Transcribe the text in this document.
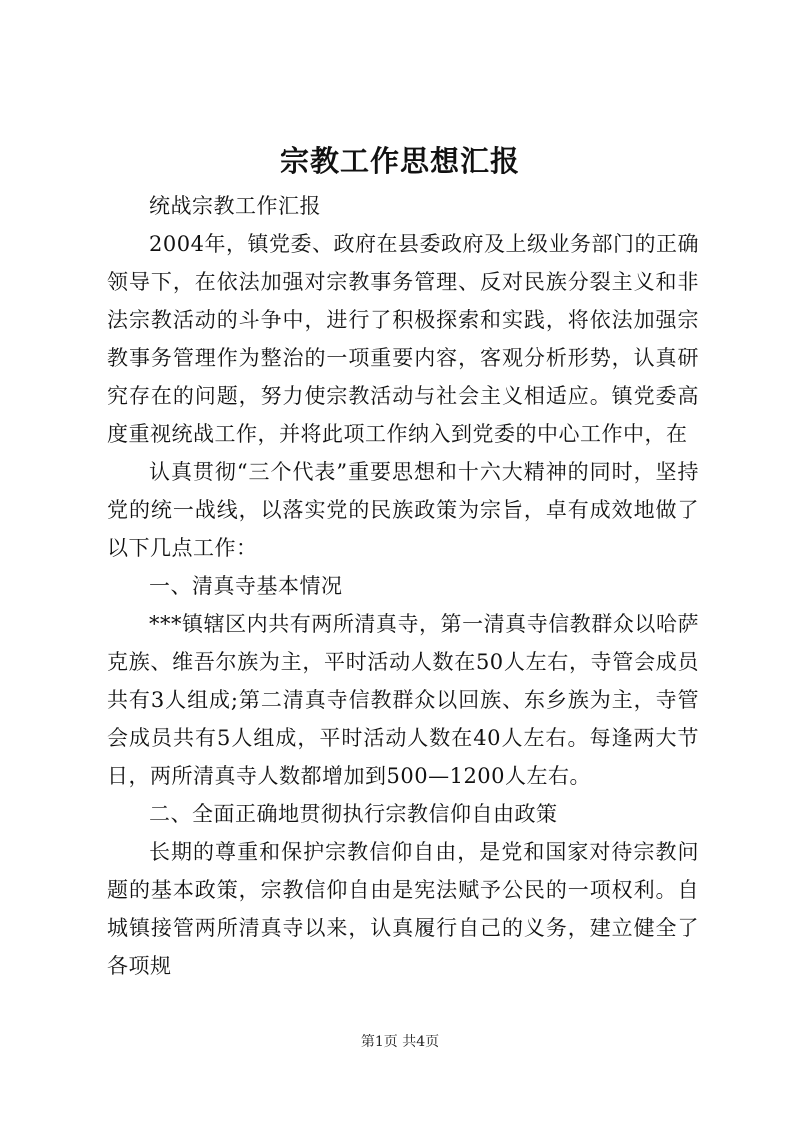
宗教工作思想汇报

统战宗教工作汇报

2004年，镇党委、政府在县委政府及上级业务部门的正确领导下，在依法加强对宗教事务管理、反对民族分裂主义和非法宗教活动的斗争中，进行了积极探索和实践，将依法加强宗教事务管理作为整治的一项重要内容，客观分析形势，认真研究存在的问题，努力使宗教活动与社会主义相适应。镇党委高度重视统战工作，并将此项工作纳入到党委的中心工作中，在

认真贯彻“三个代表”重要思想和十六大精神的同时，坚持党的统一战线，以落实党的民族政策为宗旨，卓有成效地做了以下几点工作：

一、清真寺基本情况

***镇辖区内共有两所清真寺，第一清真寺信教群众以哈萨克族、维吾尔族为主，平时活动人数在50人左右，寺管会成员共有3人组成;第二清真寺信教群众以回族、东乡族为主，寺管会成员共有5人组成，平时活动人数在40人左右。每逢两大节日，两所清真寺人数都增加到500—1200人左右。

二、全面正确地贯彻执行宗教信仰自由政策

长期的尊重和保护宗教信仰自由，是党和国家对待宗教问题的基本政策，宗教信仰自由是宪法赋予公民的一项权利。自城镇接管两所清真寺以来，认真履行自己的义务，建立健全了各项规

第1页 共4页
